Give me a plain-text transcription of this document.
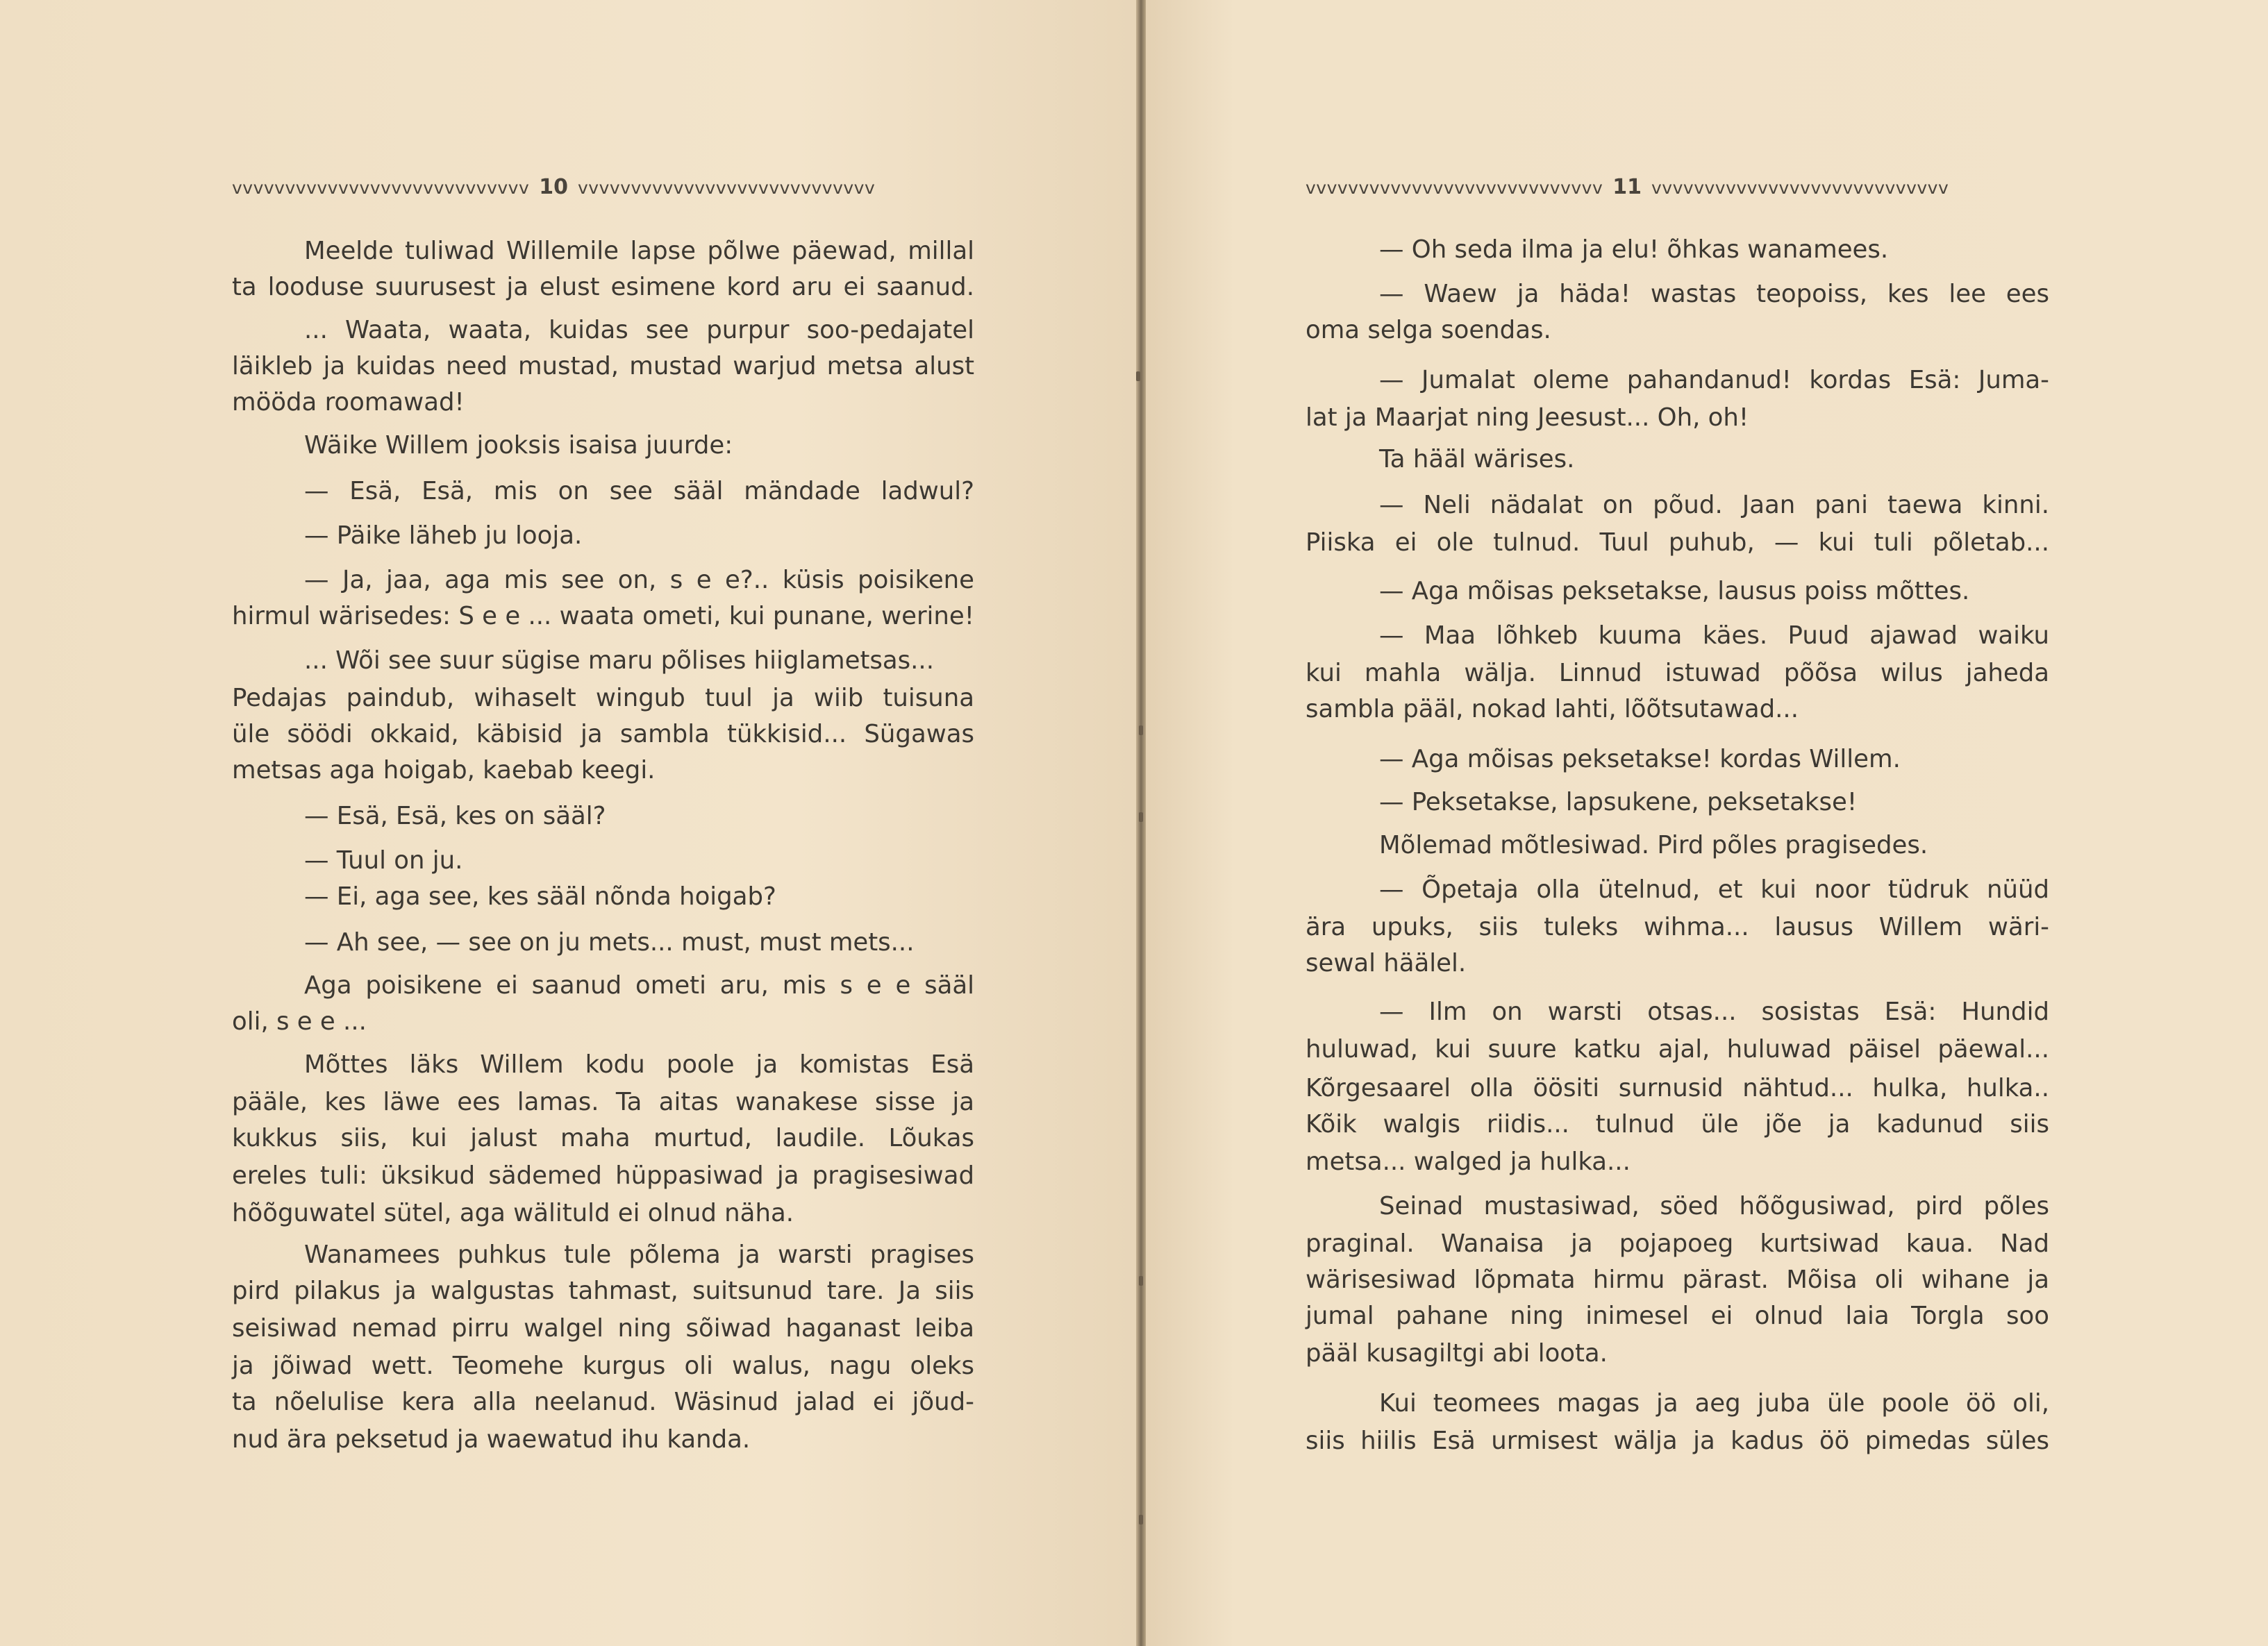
vvvvvvvvvvvvvvvvvvvvvvvvvvvv 10 vvvvvvvvvvvvvvvvvvvvvvvvvvvv	vvvvvvvvvvvvvvvvvvvvvvvvvvvv 11 vvvvvvvvvvvvvvvvvvvvvvvvvvvv
Meelde tuliwad Willemile lapse põlwe päewad, millal
ta looduse suurusest ja elust esimene kord aru ei saanud.
... Waata, waata, kuidas see purpur soo-pedajatel
läikleb ja kuidas need mustad, mustad warjud metsa alust
mööda roomawad!
Wäike Willem jooksis isaisa juurde:
— Esä, Esä, mis on see sääl mändade ladwul?
— Päike läheb ju looja.
— Ja, jaa, aga mis see on, s e e?.. küsis poisikene
hirmul wärisedes: S e e ... waata ometi, kui punane, werine!
... Wõi see suur sügise maru põlises hiiglametsas...
Pedajas paindub, wihaselt wingub tuul ja wiib tuisuna
üle söödi okkaid, käbisid ja sambla tükkisid... Sügawas
metsas aga hoigab, kaebab keegi.
— Esä, Esä, kes on sääl?
— Tuul on ju.
— Ei, aga see, kes sääl nõnda hoigab?
— Ah see, — see on ju mets... must, must mets...
Aga poisikene ei saanud ometi aru, mis s e e sääl
oli, s e e ...
Mõttes läks Willem kodu poole ja komistas Esä
pääle, kes läwe ees lamas. Ta aitas wanakese sisse ja
kukkus siis, kui jalust maha murtud, laudile. Lõukas
ereles tuli: üksikud sädemed hüppasiwad ja pragisesiwad
hõõguwatel sütel, aga wälituld ei olnud näha.
Wanamees puhkus tule põlema ja warsti pragises
pird pilakus ja walgustas tahmast, suitsunud tare. Ja siis
seisiwad nemad pirru walgel ning sõiwad haganast leiba
ja jõiwad wett. Teomehe kurgus oli walus, nagu oleks
ta nõelulise kera alla neelanud. Wäsinud jalad ei jõud-
nud ära peksetud ja waewatud ihu kanda.
— Oh seda ilma ja elu! õhkas wanamees.
— Waew ja häda! wastas teopoiss, kes lee ees
oma selga soendas.
— Jumalat oleme pahandanud! kordas Esä: Juma-
lat ja Maarjat ning Jeesust... Oh, oh!
Ta hääl wärises.
— Neli nädalat on põud. Jaan pani taewa kinni.
Piiska ei ole tulnud. Tuul puhub, — kui tuli põletab...
— Aga mõisas peksetakse, lausus poiss mõttes.
— Maa lõhkeb kuuma käes. Puud ajawad waiku
kui mahla wälja. Linnud istuwad põõsa wilus jaheda
sambla pääl, nokad lahti, lõõtsutawad...
— Aga mõisas peksetakse! kordas Willem.
— Peksetakse, lapsukene, peksetakse!
Mõlemad mõtlesiwad. Pird põles pragisedes.
— Õpetaja olla ütelnud, et kui noor tüdruk nüüd
ära upuks, siis tuleks wihma... lausus Willem wäri-
sewal häälel.
— Ilm on warsti otsas... sosistas Esä: Hundid
huluwad, kui suure katku ajal, huluwad päisel päewal...
Kõrgesaarel olla öösiti surnusid nähtud... hulka, hulka..
Kõik walgis riidis... tulnud üle jõe ja kadunud siis
metsa... walged ja hulka...
Seinad mustasiwad, söed hõõgusiwad, pird põles
praginal. Wanaisa ja pojapoeg kurtsiwad kaua. Nad
wärisesiwad lõpmata hirmu pärast. Mõisa oli wihane ja
jumal pahane ning inimesel ei olnud laia Torgla soo
pääl kusagiltgi abi loota.
Kui teomees magas ja aeg juba üle poole öö oli,
siis hiilis Esä urmisest wälja ja kadus öö pimedas süles
